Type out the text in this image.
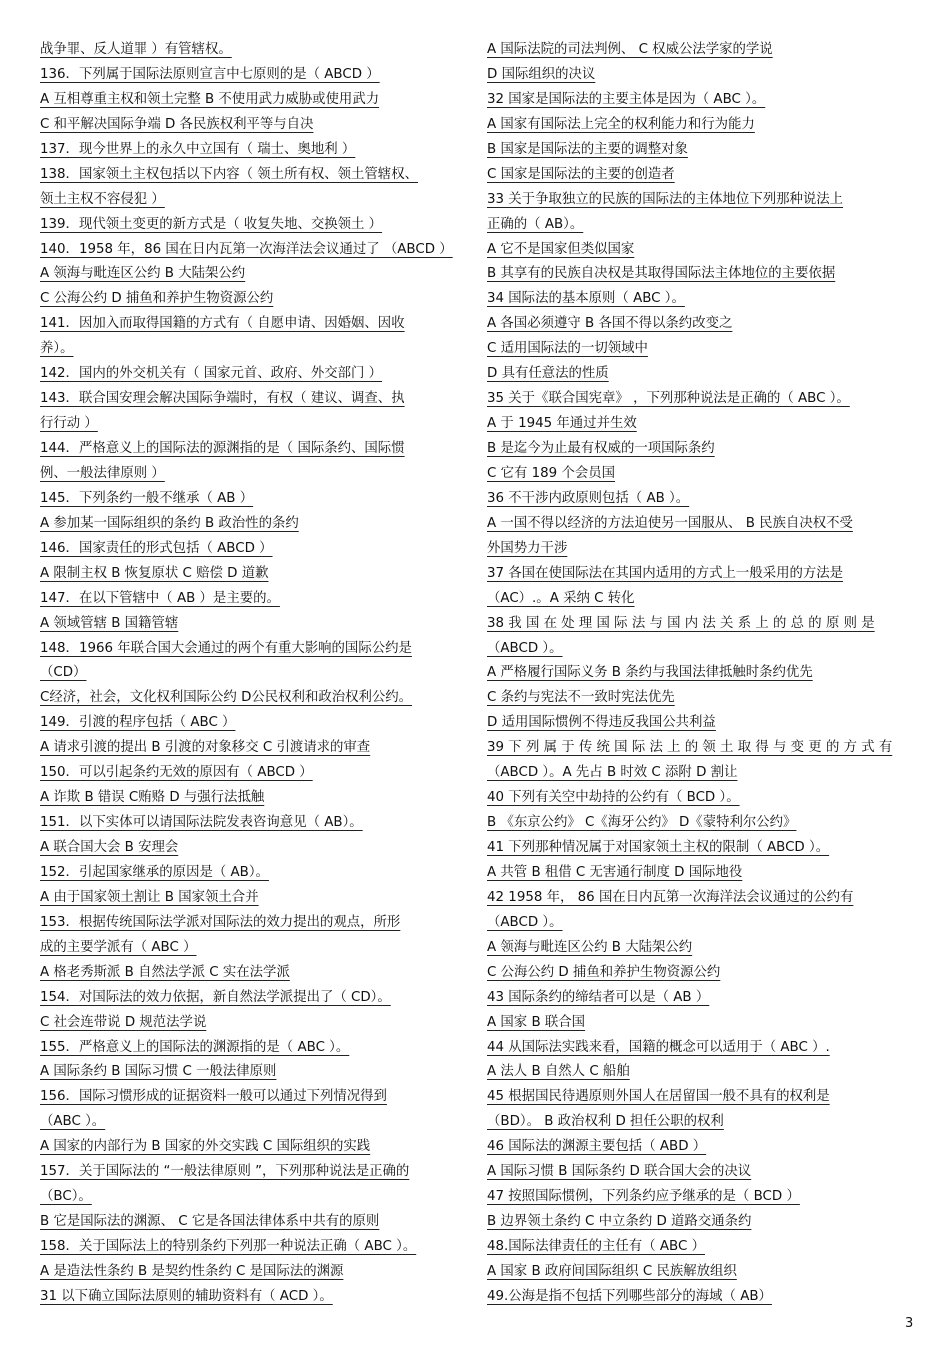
战争罪、反人道罪 ）有管辖权。
136．下列属于国际法原则宣言中七原则的是（ ABCD ）
A 互相尊重主权和领土完整 B 不使用武力威胁或使用武力
C 和平解决国际争端 D 各民族权利平等与自决
137．现今世界上的永久中立国有（ 瑞士、奥地利 ）
138．国家领土主权包括以下内容（ 领土所有权、领土管辖权、
领土主权不容侵犯 ）
139．现代领土变更的新方式是（ 收复失地、交换领土 ）
140．1958 年，86 国在日内瓦第一次海洋法会议通过了 （ABCD ）
A 领海与毗连区公约 B 大陆架公约
C 公海公约 D 捕鱼和养护生物资源公约
141．因加入而取得国籍的方式有（ 自愿申请、因婚姻、因收
养）。
142．国内的外交机关有（ 国家元首、政府、外交部门 ）
143．联合国安理会解决国际争端时，有权（ 建议、调查、执
行行动 ）
144．严格意义上的国际法的源渊指的是（ 国际条约、国际惯
例、一般法律原则 ）
145．下列条约一般不继承（ AB ）
A 参加某一国际组织的条约 B 政治性的条约
146．国家责任的形式包括（ ABCD ）
A 限制主权 B 恢复原状 C 赔偿 D 道歉
147．在以下管辖中（ AB ）是主要的。
A 领域管辖 B 国籍管辖
148．1966 年联合国大会通过的两个有重大影响的国际公约是
（CD）
C经济，社会，文化权利国际公约 D公民权利和政治权利公约。
149．引渡的程序包括（ ABC ）
A 请求引渡的提出 B 引渡的对象移交 C 引渡请求的审查
150．可以引起条约无效的原因有（ ABCD ）
A 诈欺 B 错误 C贿赂 D 与强行法抵触
151．以下实体可以请国际法院发表咨询意见（ AB）。
A 联合国大会 B 安理会
152．引起国家继承的原因是（ AB）。
A 由于国家领土割让 B 国家领土合并
153．根据传统国际法学派对国际法的效力提出的观点，所形
成的主要学派有（ ABC ）
A 格老秀斯派 B 自然法学派 C 实在法学派
154．对国际法的效力依据，新自然法学派提出了（ CD）。
C 社会连带说 D 规范法学说
155．严格意义上的国际法的渊源指的是（ ABC ）。
A 国际条约 B 国际习惯 C 一般法律原则
156．国际习惯形成的证据资料一般可以通过下列情况得到
（ABC ）。
A 国家的内部行为 B 国家的外交实践 C 国际组织的实践
157．关于国际法的 “一般法律原则 ”，下列那种说法是正确的
（BC）。
B 它是国际法的渊源、 C 它是各国法律体系中共有的原则
158．关于国际法上的特别条约下列那一种说法正确（ ABC ）。
A 是造法性条约 B 是契约性条约 C 是国际法的渊源
31 以下确立国际法原则的辅助资料有（ ACD ）。
A 国际法院的司法判例、 C 权威公法学家的学说
D 国际组织的决议
32 国家是国际法的主要主体是因为（ ABC ）。
A 国家有国际法上完全的权利能力和行为能力
B 国家是国际法的主要的调整对象
C 国家是国际法的主要的创造者
33 关于争取独立的民族的国际法的主体地位下列那种说法上
正确的（ AB）。
A 它不是国家但类似国家
B 其享有的民族自决权是其取得国际法主体地位的主要依据
34 国际法的基本原则（ ABC ）。
A 各国必须遵守 B 各国不得以条约改变之
C 适用国际法的一切领域中
D 具有任意法的性质
35 关于《联合国宪章》 ，下列那种说法是正确的（ ABC ）。
A 于 1945 年通过并生效
B 是迄今为止最有权威的一项国际条约
C 它有 189 个会员国
36 不干涉内政原则包括（ AB ）。
A 一国不得以经济的方法迫使另一国服从、 B 民族自决权不受
外国势力干涉
37 各国在使国际法在其国内适用的方式上一般采用的方法是
（AC）.。A 采纳 C 转化
38 我 国 在 处 理 国 际 法 与 国 内 法 关 系 上 的 总 的 原 则 是
（ABCD ）。
A 严格履行国际义务 B 条约与我国法律抵触时条约优先
C 条约与宪法不一致时宪法优先
D 适用国际惯例不得违反我国公共利益
39 下 列 属 于 传 统 国 际 法 上 的 领 土 取 得 与 变 更 的 方 式 有
（ABCD ）。A 先占 B 时效 C 添附 D 割让
40 下列有关空中劫持的公约有（ BCD ）。
B 《东京公约》 C《海牙公约》 D《蒙特利尔公约》
41 下列那种情况属于对国家领土主权的限制（ ABCD ）。
A 共管 B 租借 C 无害通行制度 D 国际地役
42 1958 年， 86 国在日内瓦第一次海洋法会议通过的公约有
（ABCD ）。
A 领海与毗连区公约 B 大陆架公约
C 公海公约 D 捕鱼和养护生物资源公约
43 国际条约的缔结者可以是（ AB ）
A 国家 B 联合国
44 从国际法实践来看，国籍的概念可以适用于（ ABC ）.
A 法人 B 自然人 C 船舶
45 根据国民待遇原则外国人在居留国一般不具有的权利是
（BD）。 B 政治权利 D 担任公职的权利
46 国际法的渊源主要包括（ ABD ）
A 国际习惯 B 国际条约 D 联合国大会的决议
47 按照国际惯例，下列条约应予继承的是（ BCD ）
B 边界领土条约 C 中立条约 D 道路交通条约
48.国际法律责任的主任有（ ABC ）
A 国家 B 政府间国际组织 C 民族解放组织
49.公海是指不包括下列哪些部分的海域（ AB）
3
